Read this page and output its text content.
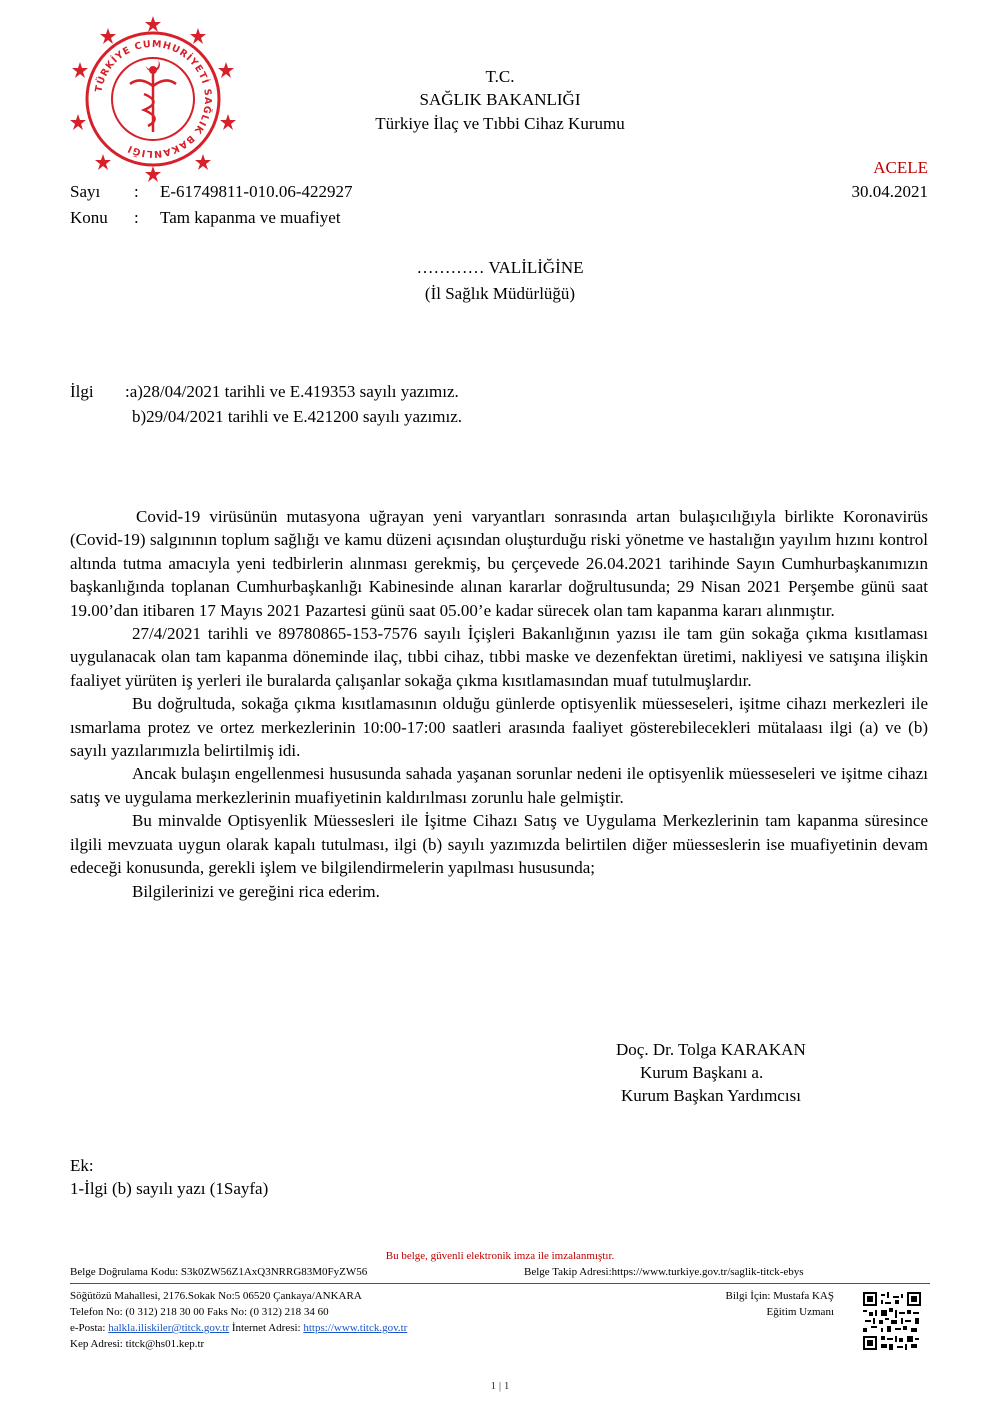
TÜRKİYE CUMHURİYETİ SAĞLIK BAKANLIĞI
T.C.
SAĞLIK BAKANLIĞI
Türkiye İlaç ve Tıbbi Cihaz Kurumu
ACELE
30.04.2021
Sayı : E-61749811-010.06-422927
Konu : Tam kapanma ve muafiyet
………… VALİLİĞİNE
(İl Sağlık Müdürlüğü)
İlgi :a)28/04/2021 tarihli ve E.419353 sayılı yazımız.
b)29/04/2021 tarihli ve E.421200 sayılı yazımız.

Covid-19 virüsünün mutasyona uğrayan yeni varyantları sonrasında artan bulaşıcılığıyla birlikte Koronavirüs (Covid-19) salgınının toplum sağlığı ve kamu düzeni açısından oluşturduğu riski yönetme ve hastalığın yayılım hızını kontrol altında tutma amacıyla yeni tedbirlerin alınması gerekmiş, bu çerçevede 26.04.2021 tarihinde Sayın Cumhurbaşkanımızın başkanlığında toplanan Cumhurbaşkanlığı Kabinesinde alınan kararlar doğrultusunda; 29 Nisan 2021 Perşembe günü saat 19.00’dan itibaren 17 Mayıs 2021 Pazartesi günü saat 05.00’e kadar sürecek olan tam kapanma kararı alınmıştır.

27/4/2021 tarihli ve 89780865-153-7576 sayılı İçişleri Bakanlığının yazısı ile tam gün sokağa çıkma kısıtlaması uygulanacak olan tam kapanma döneminde ilaç, tıbbi cihaz, tıbbi maske ve dezenfektan üretimi, nakliyesi ve satışına ilişkin faaliyet yürüten iş yerleri ile buralarda çalışanlar sokağa çıkma kısıtlamasından muaf tutulmuşlardır.

Bu doğrultuda, sokağa çıkma kısıtlamasının olduğu günlerde optisyenlik müesseseleri, işitme cihazı merkezleri ile ısmarlama protez ve ortez merkezlerinin 10:00-17:00 saatleri arasında faaliyet gösterebilecekleri mütalaası ilgi (a) ve (b) sayılı yazılarımızla belirtilmiş idi.

Ancak bulaşın engellenmesi hususunda sahada yaşanan sorunlar nedeni ile optisyenlik müesseseleri ve işitme cihazı satış ve uygulama merkezlerinin muafiyetinin kaldırılması zorunlu hale gelmiştir.

Bu minvalde Optisyenlik Müessesleri ile İşitme Cihazı Satış ve Uygulama Merkezlerinin tam kapanma süresince ilgili mevzuata uygun olarak kapalı tutulması, ilgi (b) sayılı yazımızda belirtilen diğer müesseslerin ise muafiyetinin devam edeceği konusunda, gerekli işlem ve bilgilendirmelerin yapılması hususunda;

Bilgilerinizi ve gereğini rica ederim.

Doç. Dr. Tolga KARAKAN
Kurum Başkanı a.
Kurum Başkan Yardımcısı
Ek:
1-İlgi (b) sayılı yazı (1Sayfa)
Bu belge, güvenli elektronik imza ile imzalanmıştır.
Belge Doğrulama Kodu: S3k0ZW56Z1AxQ3NRRG83M0FyZW56	Belge Takip Adresi:https://www.turkiye.gov.tr/saglik-titck-ebys
Söğütözü Mahallesi, 2176.Sokak No:5 06520 Çankaya/ANKARA
Telefon No: (0 312) 218 30 00 Faks No: (0 312) 218 34 60
e-Posta: halkla.iliskiler@titck.gov.tr İnternet Adresi: https://www.titck.gov.tr
Kep Adresi: titck@hs01.kep.tr
Bilgi İçin: Mustafa KAŞ
Eğitim Uzmanı
1 | 1
